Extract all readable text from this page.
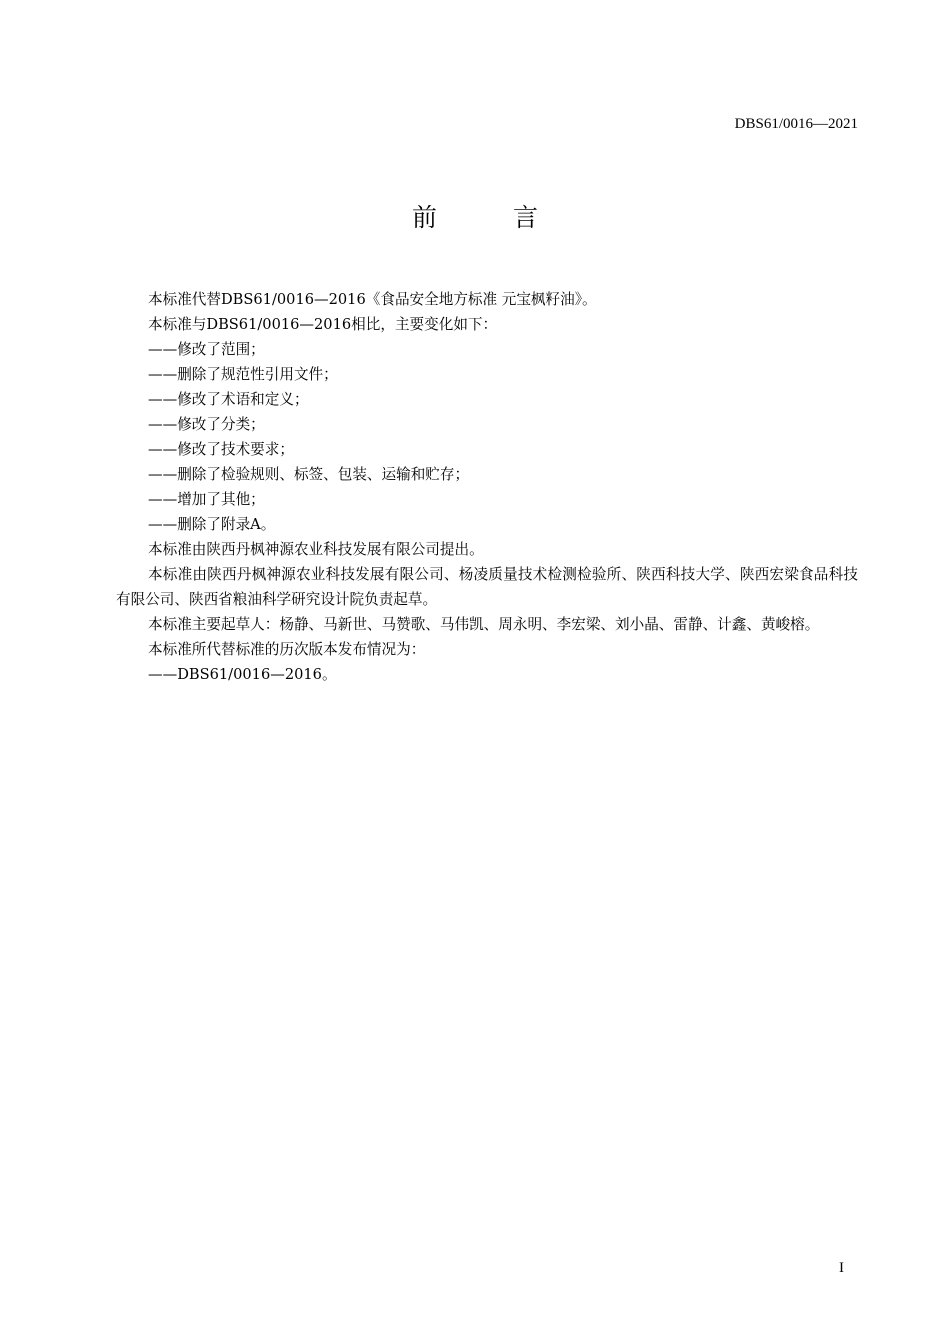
DBS61/0016—2021
前 言

本标准代替DBS61/0016—2016《食品安全地方标准 元宝枫籽油》。

本标准与DBS61/0016—2016相比，主要变化如下：

——修改了范围；

——删除了规范性引用文件；

——修改了术语和定义；

——修改了分类；

——修改了技术要求；

——删除了检验规则、标签、包装、运输和贮存；

——增加了其他；

——删除了附录A。

本标准由陕西丹枫神源农业科技发展有限公司提出。

本标准由陕西丹枫神源农业科技发展有限公司、杨凌质量技术检测检验所、陕西科技大学、陕西宏梁食品科技有限公司、陕西省粮油科学研究设计院负责起草。

本标准主要起草人：杨静、马新世、马赞歌、马伟凯、周永明、李宏梁、刘小晶、雷静、计鑫、黄峻榕。

本标准所代替标准的历次版本发布情况为：

——DBS61/0016—2016。

I
